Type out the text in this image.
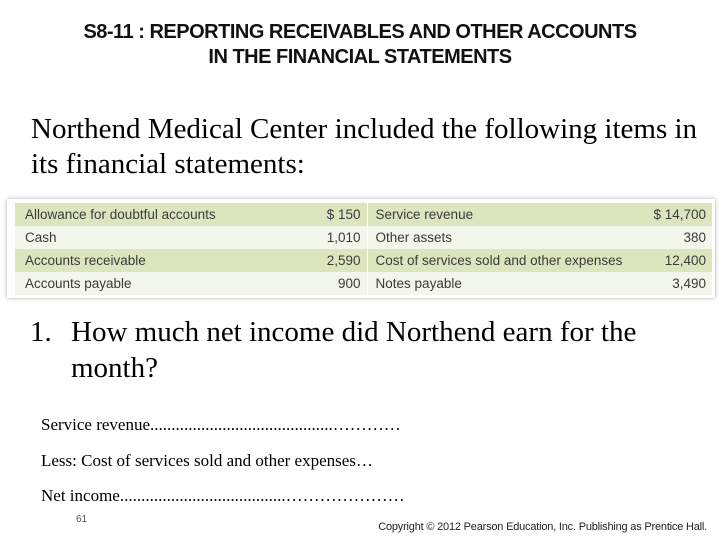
S8-11 : REPORTING RECEIVABLES AND OTHER ACCOUNTS
IN THE FINANCIAL STATEMENTS
Northend Medical Center included the following items in its financial statements:
Allowance for doubtful accounts	$ 150	Service revenue	$ 14,700
Cash	1,010	Other assets	380
Accounts receivable	2,590	Cost of services sold and other expenses	12,400
Accounts payable	900	Notes payable	3,490
1. How much net income did Northend earn for the month?
Service revenue...........................................…………
Less: Cost of services sold and other expenses…
Net income.......................................…………………
61
Copyright © 2012 Pearson Education, Inc. Publishing as Prentice Hall.
